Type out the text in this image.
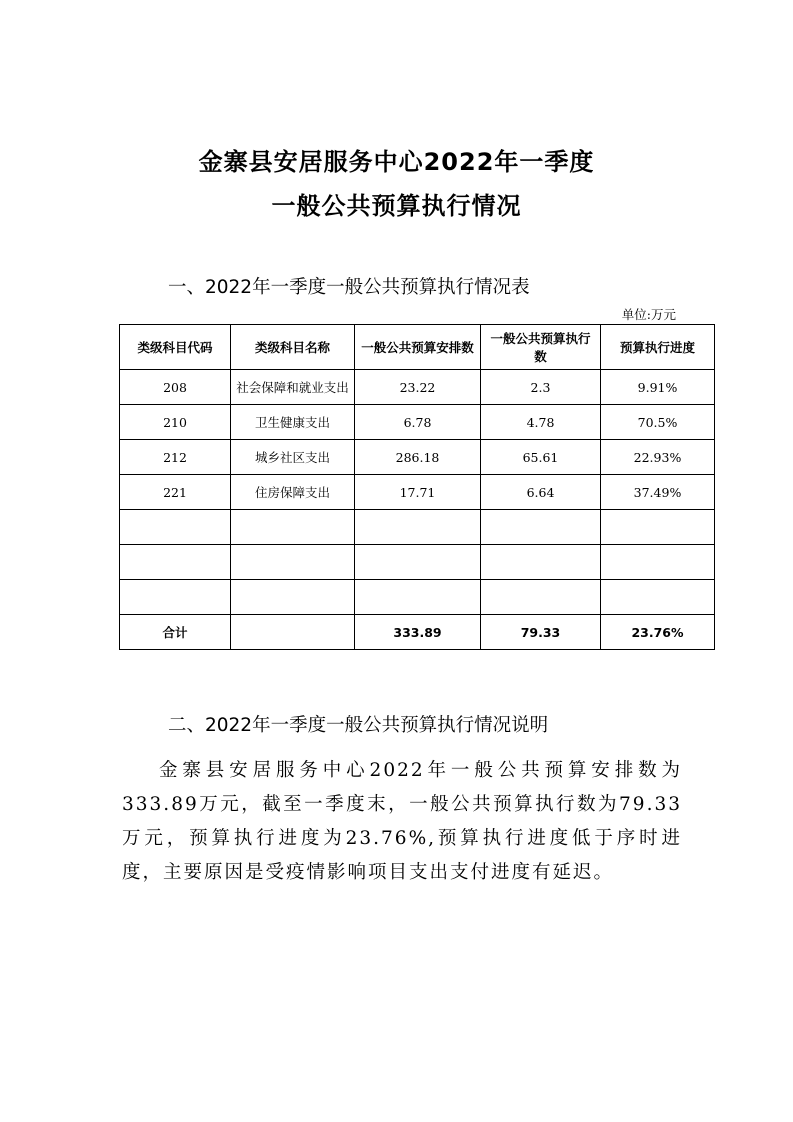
金寨县安居服务中心2022年一季度
一般公共预算执行情况
一、2022年一季度一般公共预算执行情况表
单位:万元
类级科目代码	类级科目名称	一般公共预算安排数	一般公共预算执行数	预算执行进度
208	社会保障和就业支出	23.22	2.3	9.91%
210	卫生健康支出	6.78	4.78	70.5%
212	城乡社区支出	286.18	65.61	22.93%
221	住房保障支出	17.71	6.64	37.49%

合计		333.89	79.33	23.76%
二、2022年一季度一般公共预算执行情况说明

金寨县安居服务中心2022年一般公共预算安排数为333.89万元，截至一季度末，一般公共预算执行数为79.33万元，预算执行进度为23.76%,预算执行进度低于序时进度，主要原因是受疫情影响项目支出支付进度有延迟。
